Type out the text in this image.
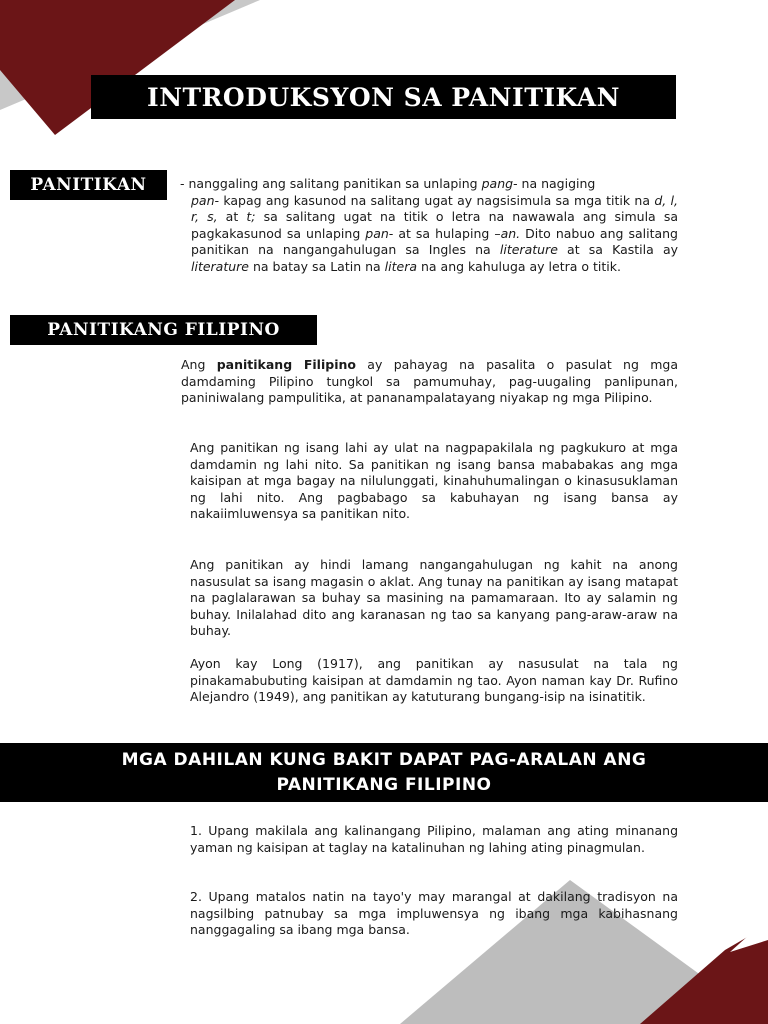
INTRODUKSYON SA PANITIKAN
PANITIKAN	- nanggaling ang salitang panitikan sa unlaping pang- na nagiging
pan- kapag ang kasunod na salitang ugat ay nagsisimula sa mga titik na d, l, r, s, at t; sa salitang ugat na titik o letra na nawawala ang simula sa pagkakasunod sa unlaping pan- at sa hulaping –an. Dito nabuo ang salitang panitikan na nangangahulugan sa Ingles na literature at sa Kastila ay literature na batay sa Latin na litera na ang kahuluga ay letra o titik.

PANITIKANG FILIPINO

Ang panitikang Filipino ay pahayag na pasalita o pasulat ng mga damdaming Pilipino tungkol sa pamumuhay, pag-uugaling panlipunan, paniniwalang pampulitika, at pananampalatayang niyakap ng mga Pilipino.

Ang panitikan ng isang lahi ay ulat na nagpapakilala ng pagkukuro at mga damdamin ng lahi nito. Sa panitikan ng isang bansa mababakas ang mga kaisipan at mga bagay na nilulunggati, kinahuhumalingan o kinasusuklaman ng lahi nito. Ang pagbabago sa kabuhayan ng isang bansa ay nakaiimluwensya sa panitikan nito.

Ang panitikan ay hindi lamang nangangahulugan ng kahit na anong nasusulat sa isang magasin o aklat. Ang tunay na panitikan ay isang matapat na paglalarawan sa buhay sa masining na pamamaraan. Ito ay salamin ng buhay. Inilalahad dito ang karanasan ng tao sa kanyang pang-araw-araw na buhay.

Ayon kay Long (1917), ang panitikan ay nasusulat na tala ng pinakamabubuting kaisipan at damdamin ng tao. Ayon naman kay Dr. Rufino Alejandro (1949), ang panitikan ay katuturang bungang-isip na isinatitik.

MGA DAHILAN KUNG BAKIT DAPAT PAG-ARALAN ANG
PANITIKANG FILIPINO

1. Upang makilala ang kalinangang Pilipino, malaman ang ating minanang yaman ng kaisipan at taglay na katalinuhan ng lahing ating pinagmulan.

2. Upang matalos natin na tayo'y may marangal at dakilang tradisyon na nagsilbing patnubay sa mga impluwensya ng ibang mga kabihasnang nanggagaling sa ibang mga bansa.
